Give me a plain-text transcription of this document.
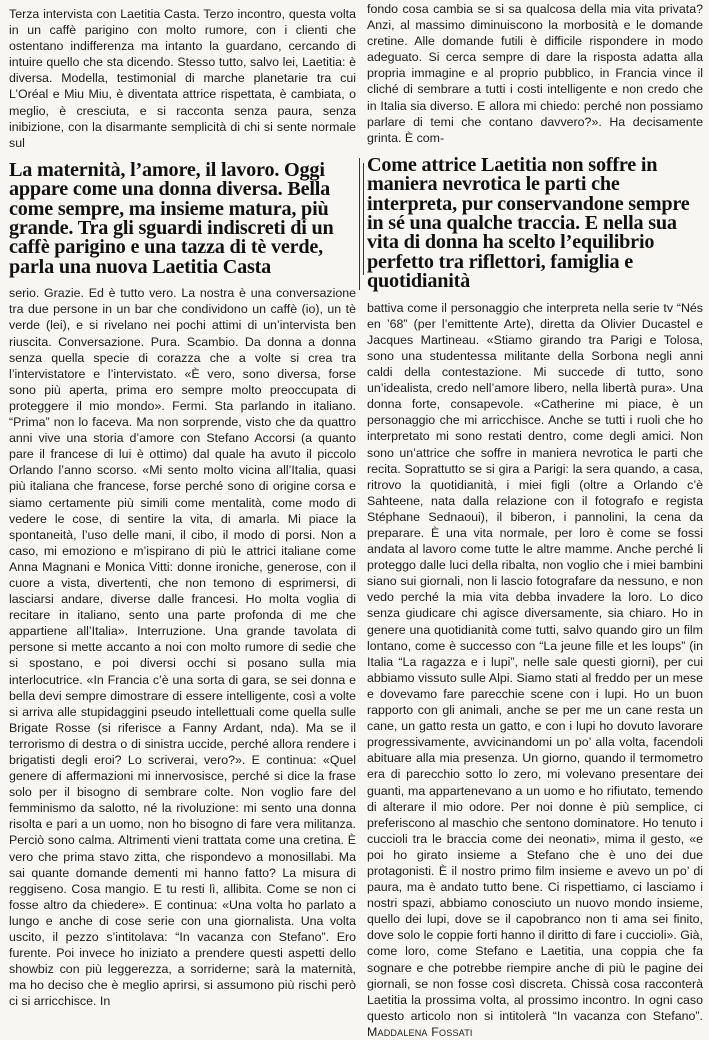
Terza intervista con Laetitia Casta. Terzo incontro, questa volta in un caffè parigino con molto rumore, con i clienti che ostentano indifferenza ma intanto la guardano, cercando di intuire quello che sta dicendo. Stesso tutto, salvo lei, Laetitia: è diversa. Modella, testimonial di marche planetarie tra cui L’Oréal e Miu Miu, è diventata attrice rispettata, è cambiata, o meglio, è cresciuta, e si racconta senza paura, senza inibizione, con la disarmante semplicità di chi si sente normale sul

La maternità, l’amore, il lavoro. Oggi appare come una donna diversa. Bella come sempre, ma insieme matura, più grande. Tra gli sguardi indiscreti di un caffè parigino e una tazza di tè verde, parla una nuova Laetitia Casta

serio. Grazie. Ed è tutto vero. La nostra è una conversazione tra due persone in un bar che condividono un caffè (io), un tè verde (lei), e si rivelano nei pochi attimi di un’intervista ben riuscita. Conversazione. Pura. Scambio. Da donna a donna senza quella specie di corazza che a volte si crea tra l’intervistatore e l’intervistato. «È vero, sono diversa, forse sono più aperta, prima ero sempre molto preoccupata di proteggere il mio mondo». Fermi. Sta parlando in italiano. “Prima” non lo faceva. Ma non sorprende, visto che da quattro anni vive una storia d’amore con Stefano Accorsi (a quanto pare il francese di lui è ottimo) dal quale ha avuto il piccolo Orlando l’anno scorso. «Mi sento molto vicina all’Italia, quasi più italiana che francese, forse perché sono di origine corsa e siamo certamente più simili come mentalità, come modo di vedere le cose, di sentire la vita, di amarla. Mi piace la spontaneità, l’uso delle mani, il cibo, il modo di porsi. Non a caso, mi emoziono e m’ispirano di più le attrici italiane come Anna Magnani e Monica Vitti: donne ironiche, generose, con il cuore a vista, divertenti, che non temono di esprimersi, di lasciarsi andare, diverse dalle francesi. Ho molta voglia di recitare in italiano, sento una parte profonda di me che appartiene all’Italia». Interruzione. Una grande tavolata di persone si mette accanto a noi con molto rumore di sedie che si spostano, e poi diversi occhi si posano sulla mia interlocutrice. «In Francia c’è una sorta di gara, se sei donna e bella devi sempre dimostrare di essere intelligente, così a volte si arriva alle stupidaggini pseudo intellettuali come quella sulle Brigate Rosse (si riferisce a Fanny Ardant, nda). Ma se il terrorismo di destra o di sinistra uccide, perché allora rendere i brigatisti degli eroi? Lo scriverai, vero?». E continua: «Quel genere di affermazioni mi innervosisce, perché si dice la frase solo per il bisogno di sembrare colte. Non voglio fare del femminismo da salotto, né la rivoluzione: mi sento una donna risolta e pari a un uomo, non ho bisogno di fare vera militanza. Perciò sono calma. Altrimenti vieni trattata come una cretina. È vero che prima stavo zitta, che rispondevo a monosillabi. Ma sai quante domande dementi mi hanno fatto? La misura di reggiseno. Cosa mangio. E tu resti lì, allibita. Come se non ci fosse altro da chiedere». E continua: «Una volta ho parlato a lungo e anche di cose serie con una giornalista. Una volta uscito, il pezzo s’intitolava: “In vacanza con Stefano”. Ero furente. Poi invece ho iniziato a prendere questi aspetti dello showbiz con più leggerezza, a sorriderne; sarà la maternità, ma ho deciso che è meglio aprirsi, si assumono più rischi però ci si arricchisce. In

fondo cosa cambia se si sa qualcosa della mia vita privata? Anzi, al massimo diminuiscono la morbosità e le domande cretine. Alle domande futili è difficile rispondere in modo adeguato. Si cerca sempre di dare la risposta adatta alla propria immagine e al proprio pubblico, in Francia vince il cliché di sembrare a tutti i costi intelligente e non credo che in Italia sia diverso. E allora mi chiedo: perché non possiamo parlare di temi che contano davvero?». Ha decisamente grinta. È com-

Come attrice Laetitia non soffre in maniera nevrotica le parti che interpreta, pur conservandone sempre in sé una qualche traccia. E nella sua vita di donna ha scelto l’equilibrio perfetto tra riflettori, famiglia e quotidianità

battiva come il personaggio che interpreta nella serie tv “Nés en ’68” (per l’emittente Arte), diretta da Olivier Ducastel e Jacques Martineau. «Stiamo girando tra Parigi e Tolosa, sono una studentessa militante della Sorbona negli anni caldi della contestazione. Mi succede di tutto, sono un’idealista, credo nell’amore libero, nella libertà pura». Una donna forte, consapevole. «Catherine mi piace, è un personaggio che mi arricchisce. Anche se tutti i ruoli che ho interpretato mi sono restati dentro, come degli amici. Non sono un’attrice che soffre in maniera nevrotica le parti che recita. Soprattutto se si gira a Parigi: la sera quando, a casa, ritrovo la quotidianità, i miei figli (oltre a Orlando c’è Sahteene, nata dalla relazione con il fotografo e regista Stéphane Sednaoui), il biberon, i pannolini, la cena da preparare. È una vita normale, per loro è come se fossi andata al lavoro come tutte le altre mamme. Anche perché li proteggo dalle luci della ribalta, non voglio che i miei bambini siano sui giornali, non li lascio fotografare da nessuno, e non vedo perché la mia vita debba invadere la loro. Lo dico senza giudicare chi agisce diversamente, sia chiaro. Ho in genere una quotidianità come tutti, salvo quando giro un film lontano, come è successo con “La jeune fille et les loups” (in Italia “La ragazza e i lupi”, nelle sale questi giorni), per cui abbiamo vissuto sulle Alpi. Siamo stati al freddo per un mese e dovevamo fare parecchie scene con i lupi. Ho un buon rapporto con gli animali, anche se per me un cane resta un cane, un gatto resta un gatto, e con i lupi ho dovuto lavorare progressivamente, avvicinandomi un po’ alla volta, facendoli abituare alla mia presenza. Un giorno, quando il termometro era di parecchio sotto lo zero, mi volevano presentare dei guanti, ma appartenevano a un uomo e ho rifiutato, temendo di alterare il mio odore. Per noi donne è più semplice, ci preferiscono al maschio che sentono dominatore. Ho tenuto i cuccioli tra le braccia come dei neonati», mima il gesto, «e poi ho girato insieme a Stefano che è uno dei due protagonisti. È il nostro primo film insieme e avevo un po’ di paura, ma è andato tutto bene. Ci rispettiamo, ci lasciamo i nostri spazi, abbiamo conosciuto un nuovo mondo insieme, quello dei lupi, dove se il capobranco non ti ama sei finito, dove solo le coppie forti hanno il diritto di fare i cuccioli». Già, come loro, come Stefano e Laetitia, una coppia che fa sognare e che potrebbe riempire anche di più le pagine dei giornali, se non fosse così discreta. Chissà cosa racconterà Laetitia la prossima volta, al prossimo incontro. In ogni caso questo articolo non si intitolerà “In vacanza con Stefano”. Maddalena Fossati
